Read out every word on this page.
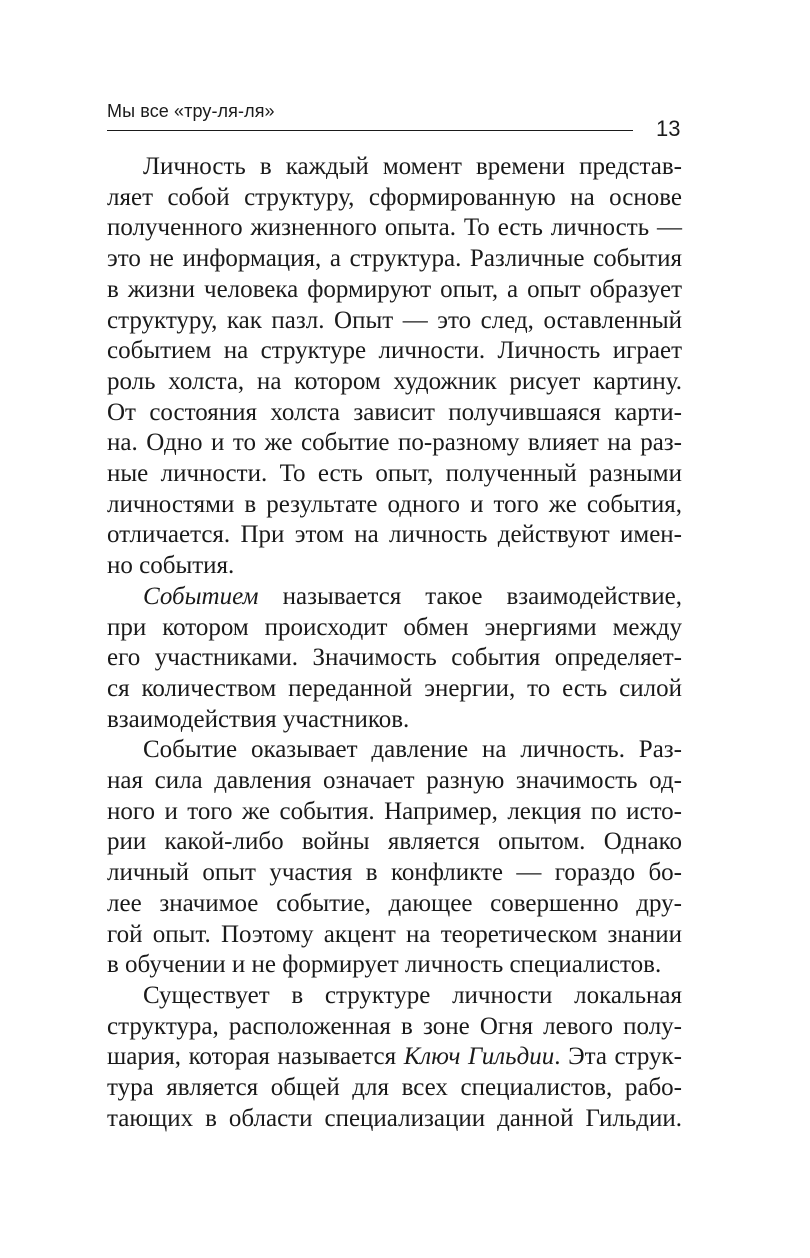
Мы все «тру-ля-ля»
13
Личность в каждый момент времени представ-
ляет собой структуру, сформированную на основе
полученного жизненного опыта. То есть личность —
это не информация, а структура. Различные события
в жизни человека формируют опыт, а опыт образует
структуру, как пазл. Опыт — это след, оставленный
событием на структуре личности. Личность играет
роль холста, на котором художник рисует картину.
От состояния холста зависит получившаяся карти-
на. Одно и то же событие по-разному влияет на раз-
ные личности. То есть опыт, полученный разными
личностями в результате одного и того же события,
отличается. При этом на личность действуют имен-
но события.
Событием называется такое взаимодействие,
при котором происходит обмен энергиями между
его участниками. Значимость события определяет-
ся количеством переданной энергии, то есть силой
взаимодействия участников.
Событие оказывает давление на личность. Раз-
ная сила давления означает разную значимость од-
ного и того же события. Например, лекция по исто-
рии какой-либо войны является опытом. Однако
личный опыт участия в конфликте — гораздо бо-
лее значимое событие, дающее совершенно дру-
гой опыт. Поэтому акцент на теоретическом знании
в обучении и не формирует личность специалистов.
Существует в структуре личности локальная
структура, расположенная в зоне Огня левого полу-
шария, которая называется Ключ Гильдии. Эта струк-
тура является общей для всех специалистов, рабо-
тающих в области специализации данной Гильдии.
